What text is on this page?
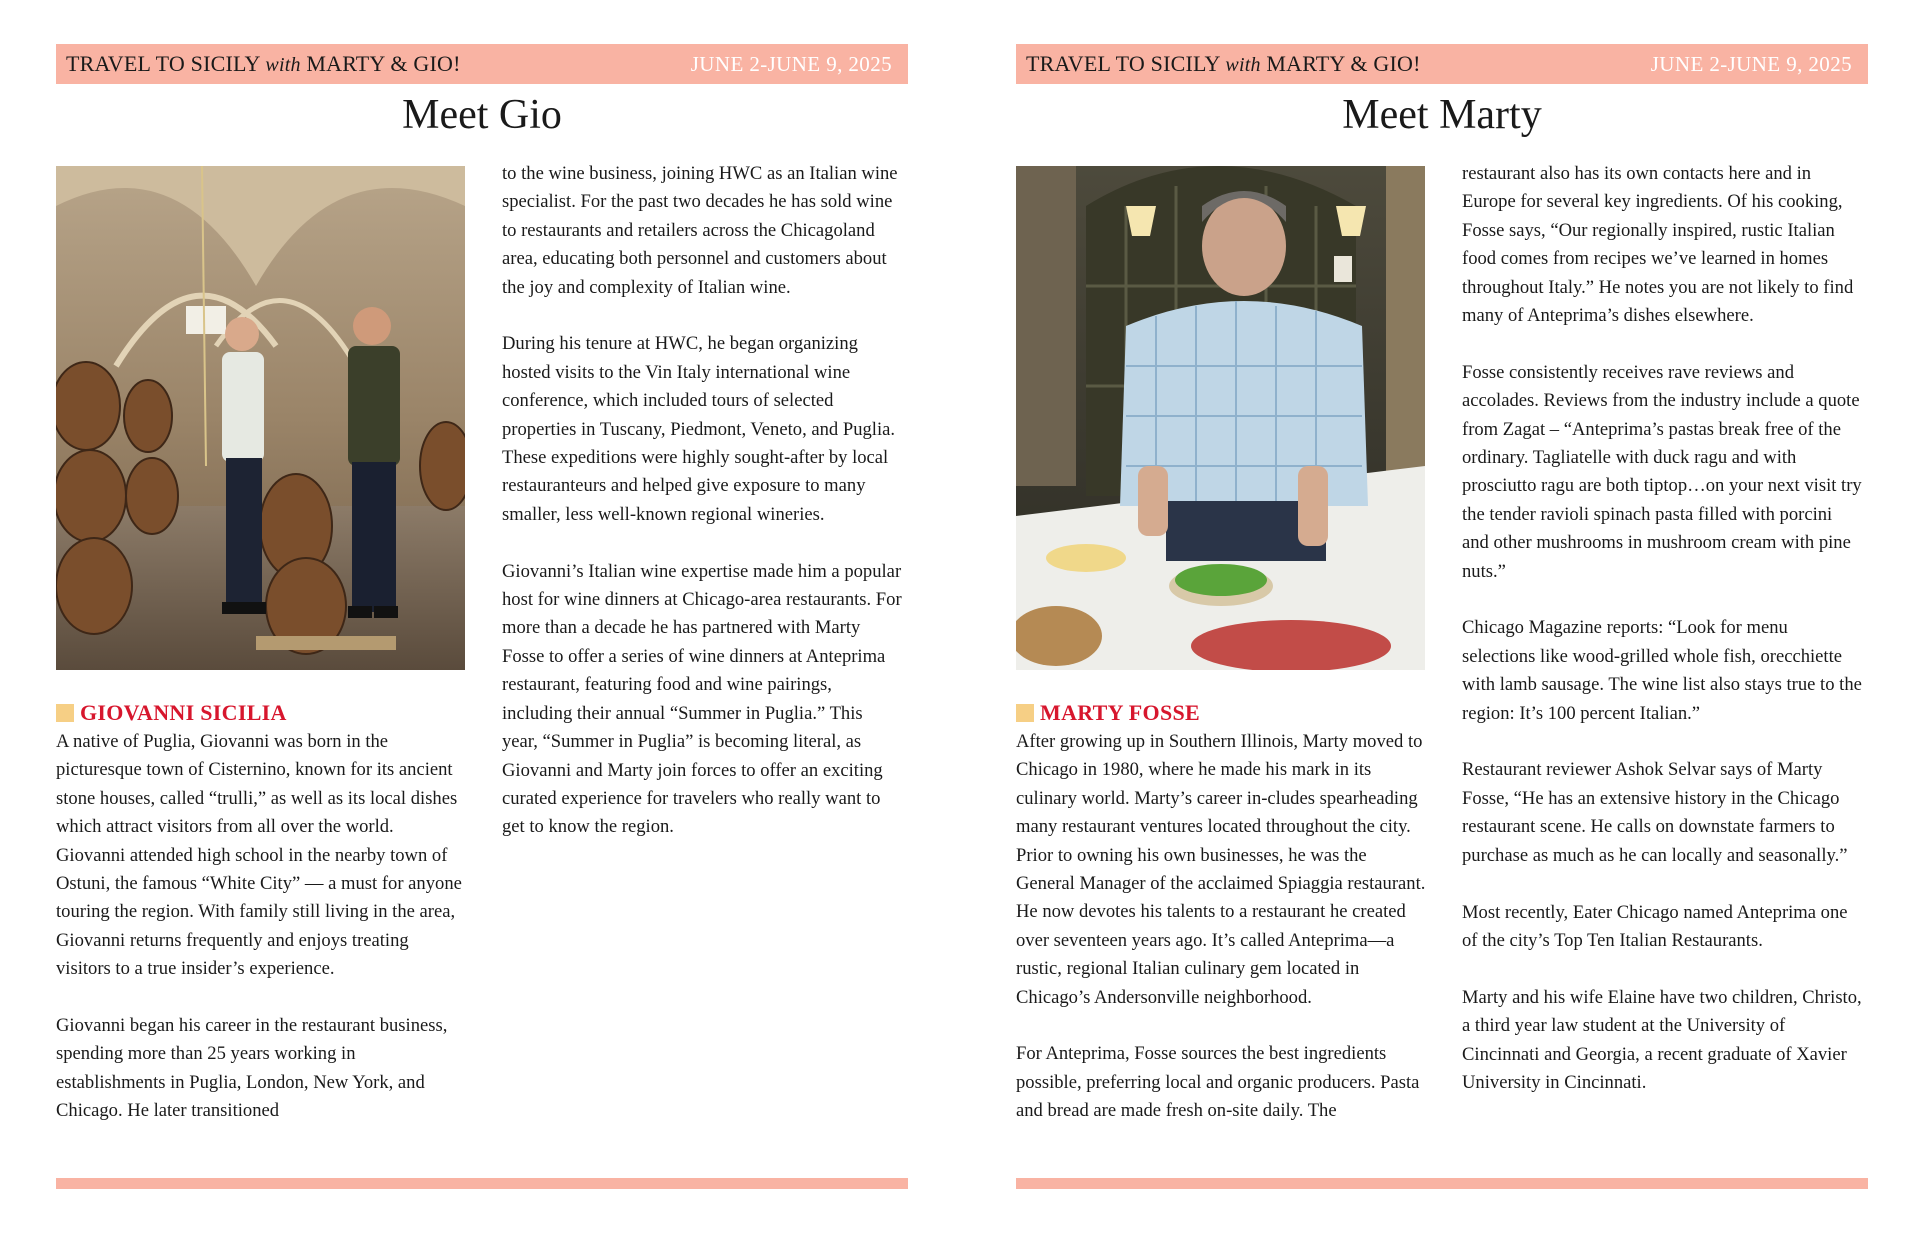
TRAVEL TO SICILY with MARTY & GIO!	JUNE 2-JUNE 9, 2025
Meet Gio
GIOVANNI SICILIA

A native of Puglia, Giovanni was born in the picturesque town of Cisternino, known for its ancient stone houses, called “trulli,” as well as its local dishes which attract visitors from all over the world. Giovanni attended high school in the nearby town of Ostuni, the famous “White City” — a must for anyone touring the region. With family still living in the area, Giovanni returns frequently and enjoys treating visitors to a true insider’s experience.

Giovanni began his career in the restaurant business, spending more than 25 years working in establishments in Puglia, London, New York, and Chicago. He later transitioned

to the wine business, joining HWC as an Italian wine specialist. For the past two decades he has sold wine to restaurants and retailers across the Chicagoland area, educating both personnel and customers about the joy and complexity of Italian wine.

During his tenure at HWC, he began organizing hosted visits to the Vin Italy international wine conference, which included tours of selected properties in Tuscany, Piedmont, Veneto, and Puglia. These expeditions were highly sought-after by local restauranteurs and helped give exposure to many smaller, less well-known regional wineries.

Giovanni’s Italian wine expertise made him a popular host for wine dinners at Chicago-area restaurants. For more than a decade he has partnered with Marty Fosse to offer a series of wine dinners at Anteprima restaurant, featuring food and wine pairings, including their annual “Summer in Puglia.” This year, “Summer in Puglia” is becoming literal, as Giovanni and Marty join forces to offer an exciting curated experience for travelers who really want to get to know the region.

TRAVEL TO SICILY with MARTY & GIO!	JUNE 2-JUNE 9, 2025
Meet Marty
MARTY FOSSE

After growing up in Southern Illinois, Marty moved to Chicago in 1980, where he made his mark in its culinary world. Marty’s career in-cludes spearheading many restaurant ventures located throughout the city. Prior to owning his own businesses, he was the General Manager of the acclaimed Spiaggia restaurant. He now devotes his talents to a restaurant he created over seventeen years ago. It’s called Anteprima—a rustic, regional Italian culinary gem located in Chicago’s Andersonville neighborhood.

For Anteprima, Fosse sources the best ingredients possible, preferring local and organic producers. Pasta and bread are made fresh on-site daily. The

restaurant also has its own contacts here and in Europe for several key ingredients. Of his cooking, Fosse says, “Our regionally inspired, rustic Italian food comes from recipes we’ve learned in homes throughout Italy.” He notes you are not likely to find many of Anteprima’s dishes elsewhere.

Fosse consistently receives rave reviews and accolades. Reviews from the industry include a quote from Zagat – “Anteprima’s pastas break free of the ordinary. Tagliatelle with duck ragu and with prosciutto ragu are both tiptop…on your next visit try the tender ravioli spinach pasta filled with porcini and other mushrooms in mushroom cream with pine nuts.”

Chicago Magazine reports: “Look for menu selections like wood-grilled whole fish, orecchiette with lamb sausage. The wine list also stays true to the region: It’s 100 percent Italian.”

Restaurant reviewer Ashok Selvar says of Marty Fosse, “He has an extensive history in the Chicago restaurant scene. He calls on downstate farmers to purchase as much as he can locally and seasonally.”

Most recently, Eater Chicago named Anteprima one of the city’s Top Ten Italian Restaurants.

Marty and his wife Elaine have two children, Christo, a third year law student at the University of Cincinnati and Georgia, a recent graduate of Xavier University in Cincinnati.
